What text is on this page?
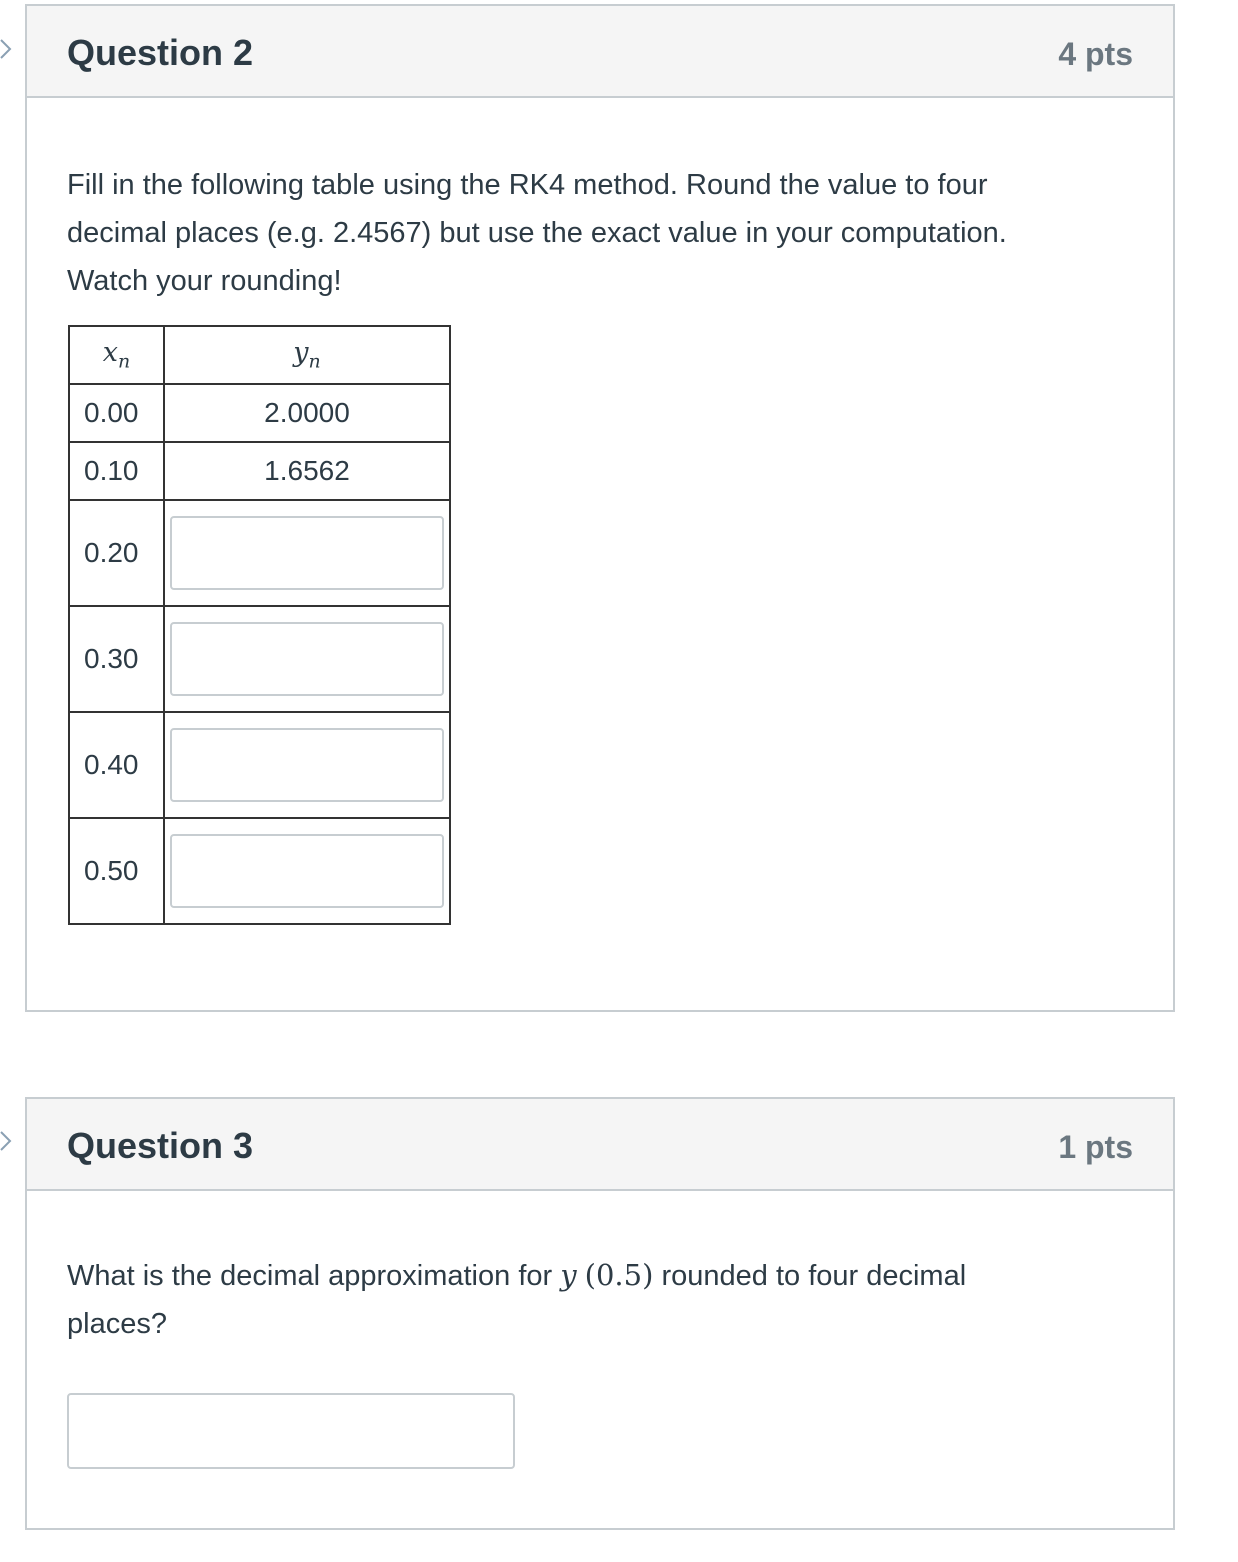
Question 2	4 pts

Fill in the following table using the RK4 method. Round the value to four
decimal places (e.g. 2.4567) but use the exact value in your computation.
Watch your rounding!

$x_n$	$y_n$
0.00	2.0000
0.10	1.6562
0.20	

0.30	

0.40	

0.50	
Question 3	1 pts

What is the decimal approximation for y (0.5) rounded to four decimal
places?
